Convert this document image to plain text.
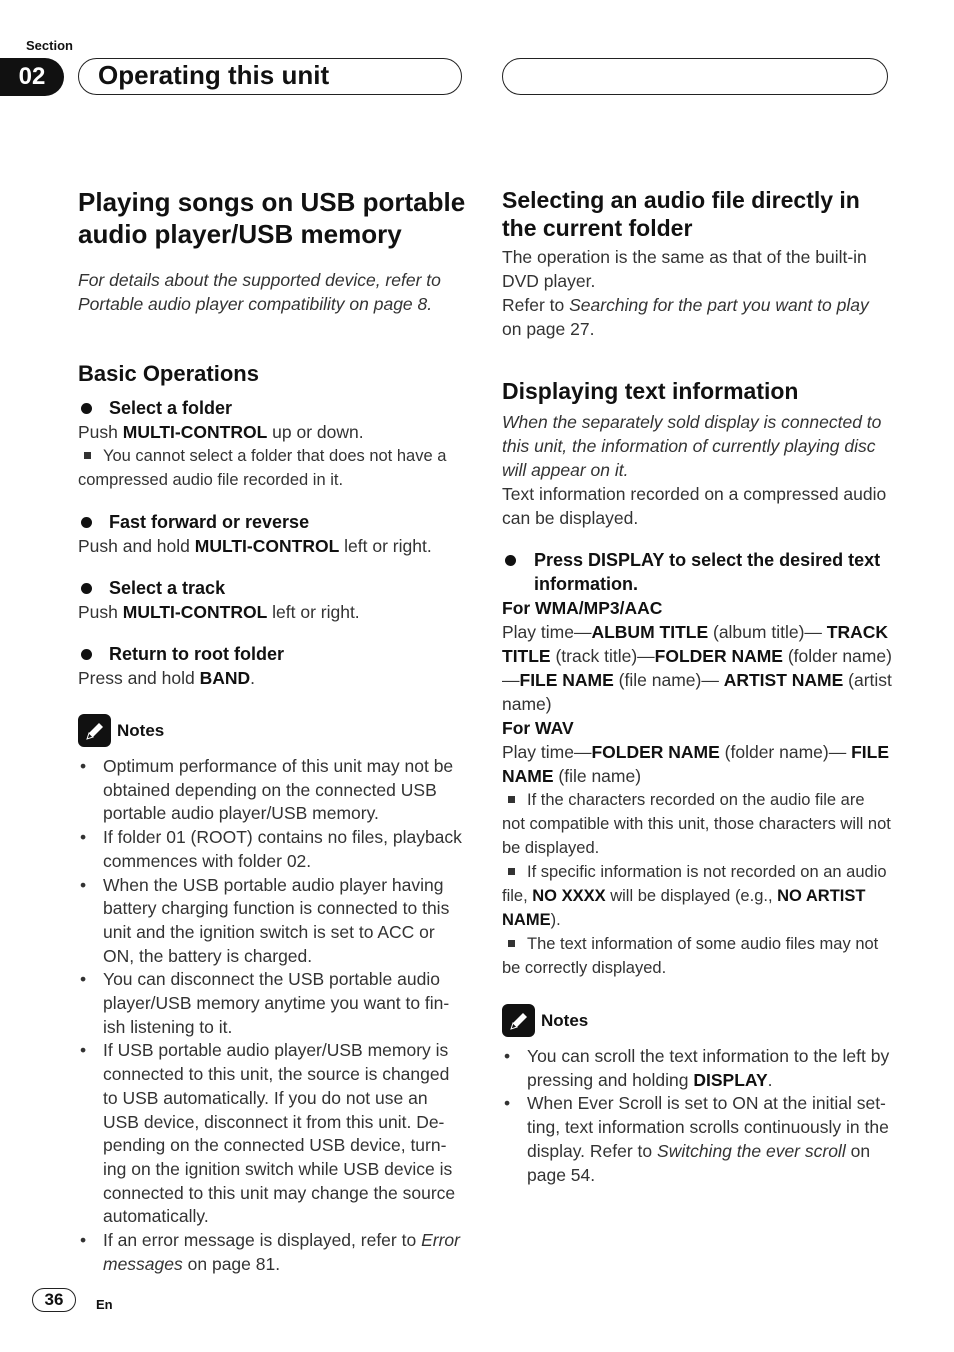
Section
02	Operating this unit
Playing songs on USB portable audio player/USB memory

For details about the supported device, refer to Portable audio player compatibility on page 8.

Basic Operations

Select a folder

Push MULTI-CONTROL up or down.

You cannot select a folder that does not have a compressed audio file recorded in it.

Fast forward or reverse

Push and hold MULTI-CONTROL left or right.

Select a track

Push MULTI-CONTROL left or right.

Return to root folder

Press and hold BAND.

Notes
• Optimum performance of this unit may not be obtained depending on the connected USB portable audio player/USB memory.
• If folder 01 (ROOT) contains no files, playback commences with folder 02.
• When the USB portable audio player having battery charging function is connected to this unit and the ignition switch is set to ACC or ON, the battery is charged.
• You can disconnect the USB portable audio player/USB memory anytime you want to fin-ish listening to it.
• If USB portable audio player/USB memory is connected to this unit, the source is changed to USB automatically. If you do not use an USB device, disconnect it from this unit. De-pending on the connected USB device, turn-ing on the ignition switch while USB device is connected to this unit may change the source automatically.
• If an error message is displayed, refer to Error messages on page 81.
Selecting an audio file directly in the current folder

The operation is the same as that of the built-in DVD player.

Refer to Searching for the part you want to play on page 27.

Displaying text information

When the separately sold display is connected to this unit, the information of currently playing disc will appear on it.

Text information recorded on a compressed audio can be displayed.

Press DISPLAY to select the desired text information.

For WMA/MP3/AAC

Play time—ALBUM TITLE (album title)— TRACK TITLE (track title)—FOLDER NAME (folder name)—FILE NAME (file name)— ARTIST NAME (artist name)

For WAV

Play time—FOLDER NAME (folder name)— FILE NAME (file name)

If the characters recorded on the audio file are not compatible with this unit, those characters will not be displayed.

If specific information is not recorded on an audio file, NO XXXX will be displayed (e.g., NO ARTIST NAME).

The text information of some audio files may not be correctly displayed.

Notes
• You can scroll the text information to the left by pressing and holding DISPLAY.
• When Ever Scroll is set to ON at the initial set-ting, text information scrolls continuously in the display. Refer to Switching the ever scroll on page 54.
36	En
